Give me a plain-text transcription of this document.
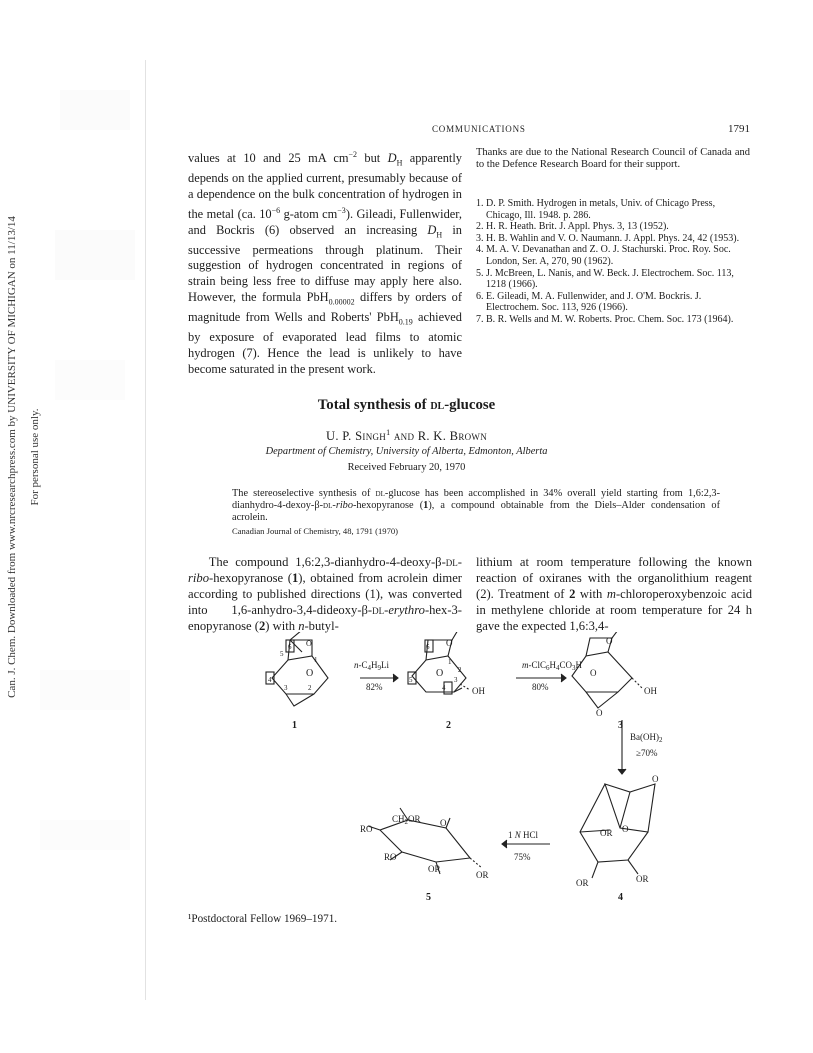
Can. J. Chem. Downloaded from www.nrcresearchpress.com by UNIVERSITY OF MICHIGAN on 11/13/14 For personal use only.
COMMUNICATIONS	1791

values at 10 and 25 mA $cm^{-2}$ but $D_H$ apparently depends on the applied current, presumably because of a dependence on the bulk concentration of hydrogen in the metal (ca. $10^{-6}$ g-atom $cm^{-3}$). Gileadi, Fullenwider, and Bockris (6) observed an increasing $D_H$ in successive permeations through platinum. Their suggestion of hydrogen concentrated in regions of strain being less free to diffuse may apply here also. However, the formula PbH$_{0.00002}$ differs by orders of magnitude from Wells and Roberts' PbH$_{0.19}$ achieved by exposure of evaporated lead films to atomic hydrogen (7). Hence the lead is unlikely to have become saturated in the present work.

Thanks are due to the National Research Council of Canada and to the Defence Research Board for their support.
1. D. P. Smith. Hydrogen in metals, Univ. of Chicago Press, Chicago, Ill. 1948. p. 286.
2. H. R. Heath. Brit. J. Appl. Phys. 3, 13 (1952).
3. H. B. Wahlin and V. O. Naumann. J. Appl. Phys. 24, 42 (1953).
4. M. A. V. Devanathan and Z. O. J. Stachurski. Proc. Roy. Soc. London, Ser. A, 270, 90 (1962).
5. J. McBreen, L. Nanis, and W. Beck. J. Electrochem. Soc. 113, 1218 (1966).
6. E. Gileadi, M. A. Fullenwider, and J. O'M. Bockris. J. Electrochem. Soc. 113, 926 (1966).
7. B. R. Wells and M. W. Roberts. Proc. Chem. Soc. 173 (1964).
Total synthesis of dl-glucose
U. P. Singh$^1$ and R. K. Brown
Department of Chemistry, University of Alberta, Edmonton, Alberta
Received February 20, 1970
The stereoselective synthesis of dl-glucose has been accomplished in 34% overall yield starting from 1,6:2,3-dianhydro-4-dexoy-β-dl-ribo-hexopyranose (1), a compound obtainable from the Diels–Alder condensation of acrolein.
Canadian Journal of Chemistry, 48, 1791 (1970)

The compound 1,6:2,3-dianhydro-4-deoxy-β-dl-ribo-hexopyranose (1), obtained from acrolein dimer according to published directions (1), was converted into 1,6-anhydro-3,4-dideoxy-β-dl-erythro-hex-3-enopyranose (2) with n-butyl-

lithium at room temperature following the known reaction of oxiranes with the organolithium reagent (2). Treatment of 2 with m-chloroperoxybenzoic acid in methylene chloride at room temperature for 24 h gave the expected 1,6:3,4-

O
O
6
4
3	2
5
1
1
$n-C_4H_9Li$
82%
O
O
OH
6
5
4
3
2
1
2
$m-ClC_6H_4CO_3H$
80%
O
O
O
OH
3
$Ba(OH)_2$
≥70%
O
O
OR
OR	OR
4
1 N HCl
75%
RO
$CH_2OR$ O
RO
OR
OR
5
¹Postdoctoral Fellow 1969–1971.
